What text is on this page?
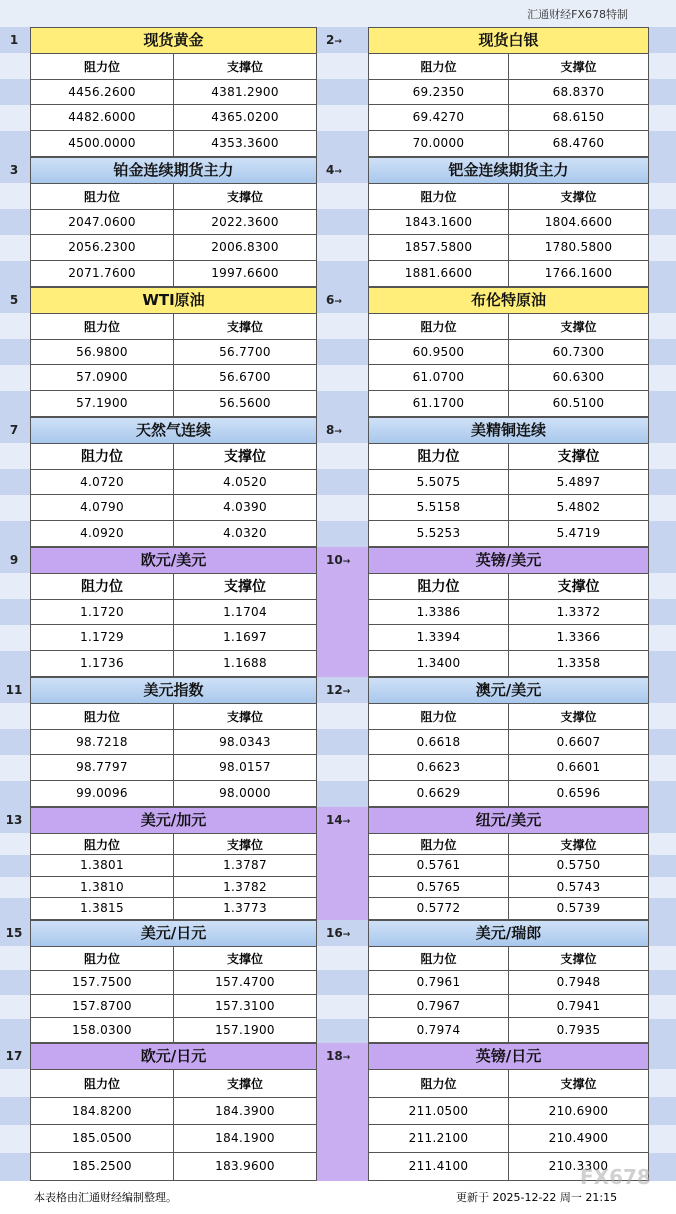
汇通财经FX678特制
1	2→
现货黄金
阻力位	支撑位
4456.2600	4381.2900
4482.6000	4365.0200
4500.0000	4353.3600
现货白银
阻力位	支撑位
69.2350	68.8370
69.4270	68.6150
70.0000	68.4760
3	4→
铂金连续期货主力
阻力位	支撑位
2047.0600	2022.3600
2056.2300	2006.8300
2071.7600	1997.6600
钯金连续期货主力
阻力位	支撑位
1843.1600	1804.6600
1857.5800	1780.5800
1881.6600	1766.1600
5	6→
WTI原油
阻力位	支撑位
56.9800	56.7700
57.0900	56.6700
57.1900	56.5600
布伦特原油
阻力位	支撑位
60.9500	60.7300
61.0700	60.6300
61.1700	60.5100
7	8→
天然气连续
阻力位	支撑位
4.0720	4.0520
4.0790	4.0390
4.0920	4.0320
美精铜连续
阻力位	支撑位
5.5075	5.4897
5.5158	5.4802
5.5253	5.4719
9	10→
欧元/美元
阻力位	支撑位
1.1720	1.1704
1.1729	1.1697
1.1736	1.1688
英镑/美元
阻力位	支撑位
1.3386	1.3372
1.3394	1.3366
1.3400	1.3358
11	12→
美元指数
阻力位	支撑位
98.7218	98.0343
98.7797	98.0157
99.0096	98.0000
澳元/美元
阻力位	支撑位
0.6618	0.6607
0.6623	0.6601
0.6629	0.6596
13	14→
美元/加元
阻力位	支撑位
1.3801	1.3787
1.3810	1.3782
1.3815	1.3773
纽元/美元
阻力位	支撑位
0.5761	0.5750
0.5765	0.5743
0.5772	0.5739
15	16→
美元/日元
阻力位	支撑位
157.7500	157.4700
157.8700	157.3100
158.0300	157.1900
美元/瑞郎
阻力位	支撑位
0.7961	0.7948
0.7967	0.7941
0.7974	0.7935
17	18→
欧元/日元
阻力位	支撑位
184.8200	184.3900
185.0500	184.1900
185.2500	183.9600
英镑/日元
阻力位	支撑位
211.0500	210.6900
211.2100	210.4900
211.4100	210.3300
本表格由汇通财经编制整理。	更新于 2025-12-22 周一 21:15
FX678
